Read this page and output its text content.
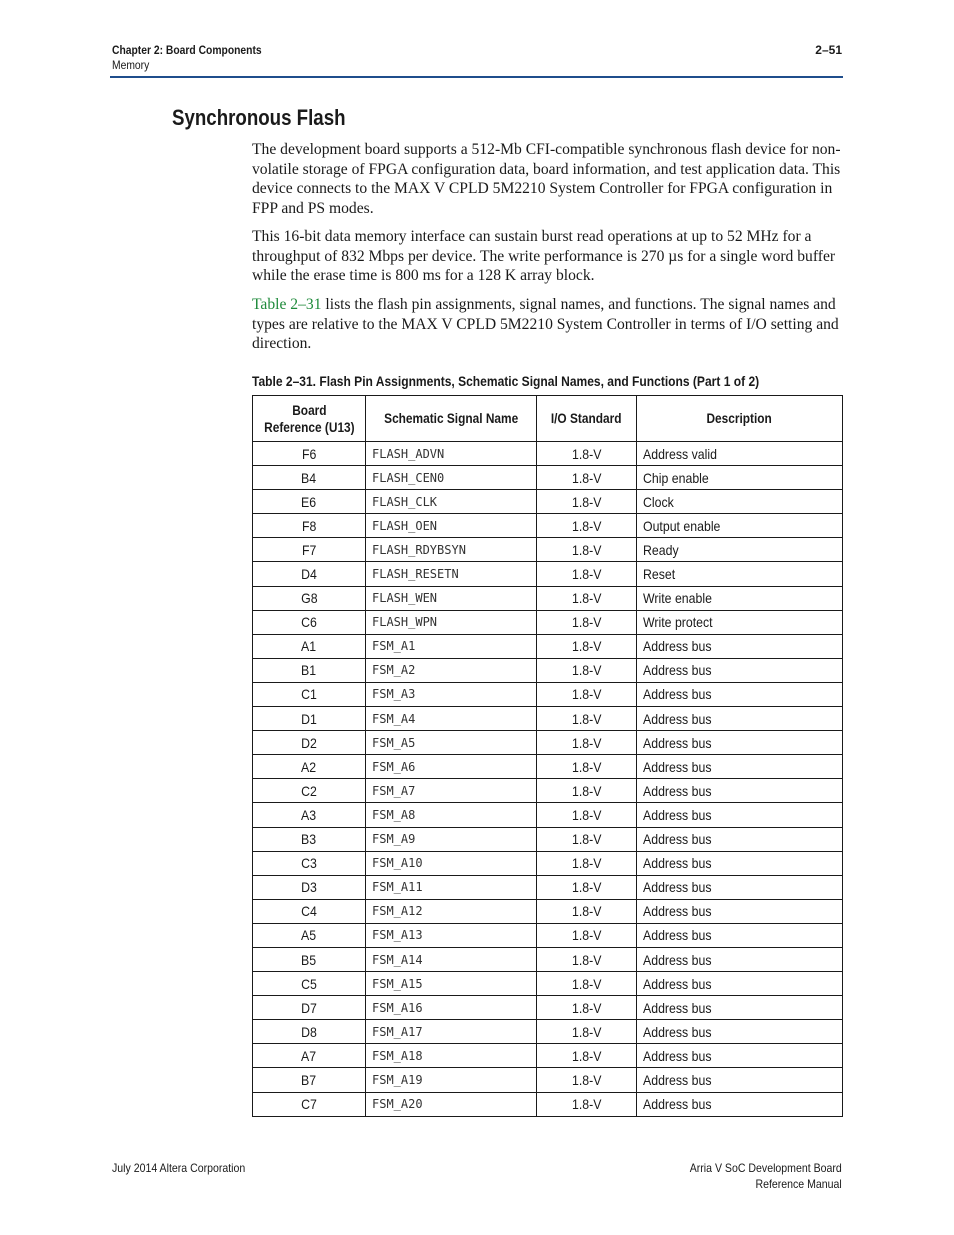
Chapter 2: Board Components
Memory
2–51
Synchronous Flash

The development board supports a 512-Mb CFI-compatible synchronous flash device for non-volatile storage of FPGA configuration data, board information, and test application data. This device connects to the MAX V CPLD 5M2210 System Controller for FPGA configuration in FPP and PS modes.

This 16-bit data memory interface can sustain burst read operations at up to 52 MHz for a throughput of 832 Mbps per device. The write performance is 270 µs for a single word buffer while the erase time is 800 ms for a 128 K array block.

Table 2–31 lists the flash pin assignments, signal names, and functions. The signal names and types are relative to the MAX V CPLD 5M2210 System Controller in terms of I/O setting and direction.

Table 2–31. Flash Pin Assignments, Schematic Signal Names, and Functions (Part 1 of 2)

Board
Reference (U13)	Schematic Signal Name	I/O Standard	Description
F6	FLASH_ADVN	1.8-V	Address valid
B4	FLASH_CEN0	1.8-V	Chip enable
E6	FLASH_CLK	1.8-V	Clock
F8	FLASH_OEN	1.8-V	Output enable
F7	FLASH_RDYBSYN	1.8-V	Ready
D4	FLASH_RESETN	1.8-V	Reset
G8	FLASH_WEN	1.8-V	Write enable
C6	FLASH_WPN	1.8-V	Write protect
A1	FSM_A1	1.8-V	Address bus
B1	FSM_A2	1.8-V	Address bus
C1	FSM_A3	1.8-V	Address bus
D1	FSM_A4	1.8-V	Address bus
D2	FSM_A5	1.8-V	Address bus
A2	FSM_A6	1.8-V	Address bus
C2	FSM_A7	1.8-V	Address bus
A3	FSM_A8	1.8-V	Address bus
B3	FSM_A9	1.8-V	Address bus
C3	FSM_A10	1.8-V	Address bus
D3	FSM_A11	1.8-V	Address bus
C4	FSM_A12	1.8-V	Address bus
A5	FSM_A13	1.8-V	Address bus
B5	FSM_A14	1.8-V	Address bus
C5	FSM_A15	1.8-V	Address bus
D7	FSM_A16	1.8-V	Address bus
D8	FSM_A17	1.8-V	Address bus
A7	FSM_A18	1.8-V	Address bus
B7	FSM_A19	1.8-V	Address bus
C7	FSM_A20	1.8-V	Address bus
July 2014 Altera Corporation	Arria V SoC Development Board
Reference Manual
